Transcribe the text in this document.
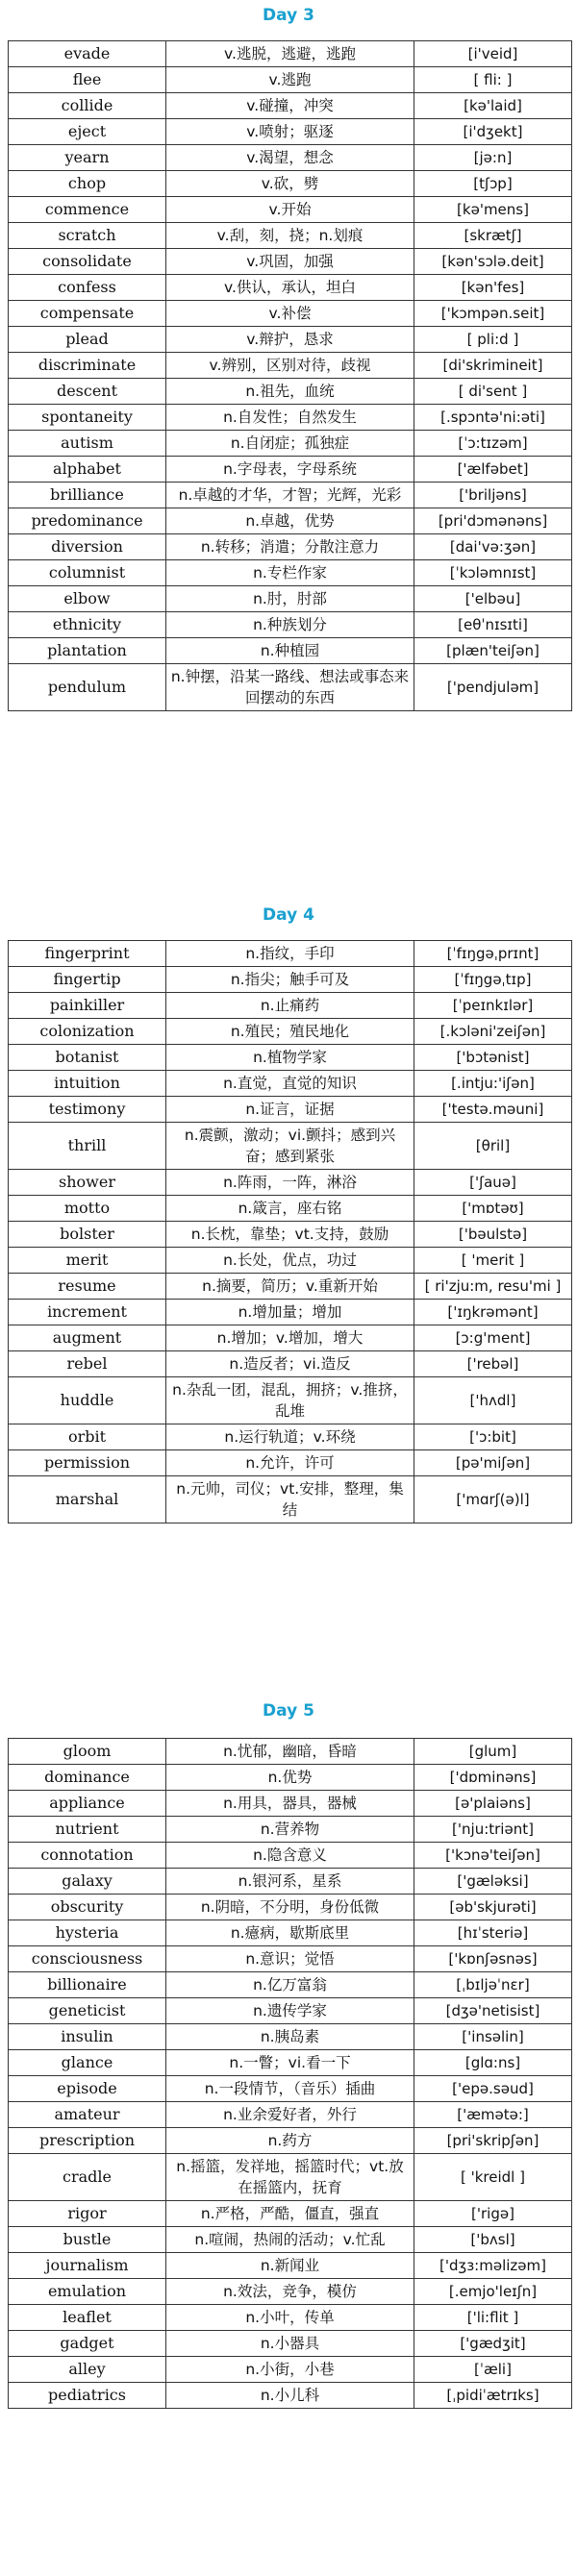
Day 3
evade	v.逃脱，逃避，逃跑	[i'veid]
flee	v.逃跑	[ fli: ]
collide	v.碰撞，冲突	[kə'laid]
eject	v.喷射；驱逐	[i'dʒekt]
yearn	v.渴望，想念	[jə:n]
chop	v.砍，劈	[tʃɔp]
commence	v.开始	[kə'mens]
scratch	v.刮，刻，挠；n.划痕	[skrætʃ]
consolidate	v.巩固，加强	[kən'sɔlə.deit]
confess	v.供认，承认，坦白	[kən'fes]
compensate	v.补偿	['kɔmpən.seit]
plead	v.辩护，恳求	[ pli:d ]
discriminate	v.辨别，区别对待，歧视	[di'skrimineit]
descent	n.祖先，血统	[ di'sent ]
spontaneity	n.自发性；自然发生	[.spɔntə'ni:əti]
autism	n.自闭症；孤独症	[ˈɔ:tɪzəm]
alphabet	n.字母表，字母系统	['ælfəbet]
brilliance	n.卓越的才华，才智；光辉，光彩	['briljəns]
predominance	n.卓越，优势	[pri'dɔmənəns]
diversion	n.转移；消遣；分散注意力	[dai'və:ʒən]
columnist	n.专栏作家	[ˈkɔləmnɪst]
elbow	n.肘，肘部	['elbəu]
ethnicity	n.种族划分	[eθˈnɪsɪti]
plantation	n.种植园	[plæn'teiʃən]
pendulum	n.钟摆，沿某一路线、想法或事态来回摆动的东西	['pendjuləm]
Day 4
fingerprint	n.指纹，手印	[ˈfɪŋgəˌprɪnt]
fingertip	n.指尖；触手可及	[ˈfɪŋgəˌtɪp]
painkiller	n.止痛药	[ˈpeɪnkɪlər]
colonization	n.殖民；殖民地化	[.kɔləni'zeiʃən]
botanist	n.植物学家	['bɔtənist]
intuition	n.直觉，直觉的知识	[.intju:'iʃən]
testimony	n.证言，证据	['testə.məuni]
thrill	n.震颤，激动；vi.颤抖；感到兴奋；感到紧张	[θril]
shower	n.阵雨，一阵，淋浴	['ʃauə]
motto	n.箴言，座右铭	['mɒtəʊ]
bolster	n.长枕，靠垫；vt.支持，鼓励	['bəulstə]
merit	n.长处，优点，功过	[ 'merit ]
resume	n.摘要，简历；v.重新开始	[ ri'zju:m, resu'mi ]
increment	n.增加量；增加	['ɪŋkrəmənt]
augment	n.增加；v.增加，增大	[ɔ:g'ment]
rebel	n.造反者；vi.造反	['rebəl]
huddle	n.杂乱一团，混乱，拥挤；v.推挤，乱堆	['hʌdl]
orbit	n.运行轨道；v.环绕	['ɔ:bit]
permission	n.允许，许可	[pə'miʃən]
marshal	n.元帅，司仪；vt.安排，整理，集结	['mɑrʃ(ə)l]
Day 5
gloom	n.忧郁，幽暗，昏暗	[glum]
dominance	n.优势	['dɒminəns]
appliance	n.用具，器具，器械	[ə'plaiəns]
nutrient	n.营养物	['nju:triənt]
connotation	n.隐含意义	['kɔnə'teiʃən]
galaxy	n.银河系，星系	['gæləksi]
obscurity	n.阴暗，不分明，身份低微	[əb'skjurəti]
hysteria	n.癔病，歇斯底里	[hɪˈsteriə]
consciousness	n.意识；觉悟	['kɒnʃəsnəs]
billionaire	n.亿万富翁	[ˌbɪljəˈnɛr]
geneticist	n.遗传学家	[dʒə'netisist]
insulin	n.胰岛素	['insəlin]
glance	n.一瞥；vi.看一下	[glɑ:ns]
episode	n.一段情节，（音乐）插曲	['epə.səud]
amateur	n.业余爱好者，外行	['æmətə:]
prescription	n.药方	[pri'skripʃən]
cradle	n.摇篮，发祥地，摇篮时代；vt.放在摇篮内，抚育	[ 'kreidl ]
rigor	n.严格，严酷，僵直，强直	['rigə]
bustle	n.喧闹，热闹的活动；v.忙乱	['bʌsl]
journalism	n.新闻业	['dʒɜ:məlizəm]
emulation	n.效法，竞争，模仿	[.emjo'leɪʃn]
leaflet	n.小叶，传单	['li:flit ]
gadget	n.小器具	['gædʒit]
alley	n.小街，小巷	[ˈæli]
pediatrics	n.小儿科	[ˌpidiˈætrɪks]
